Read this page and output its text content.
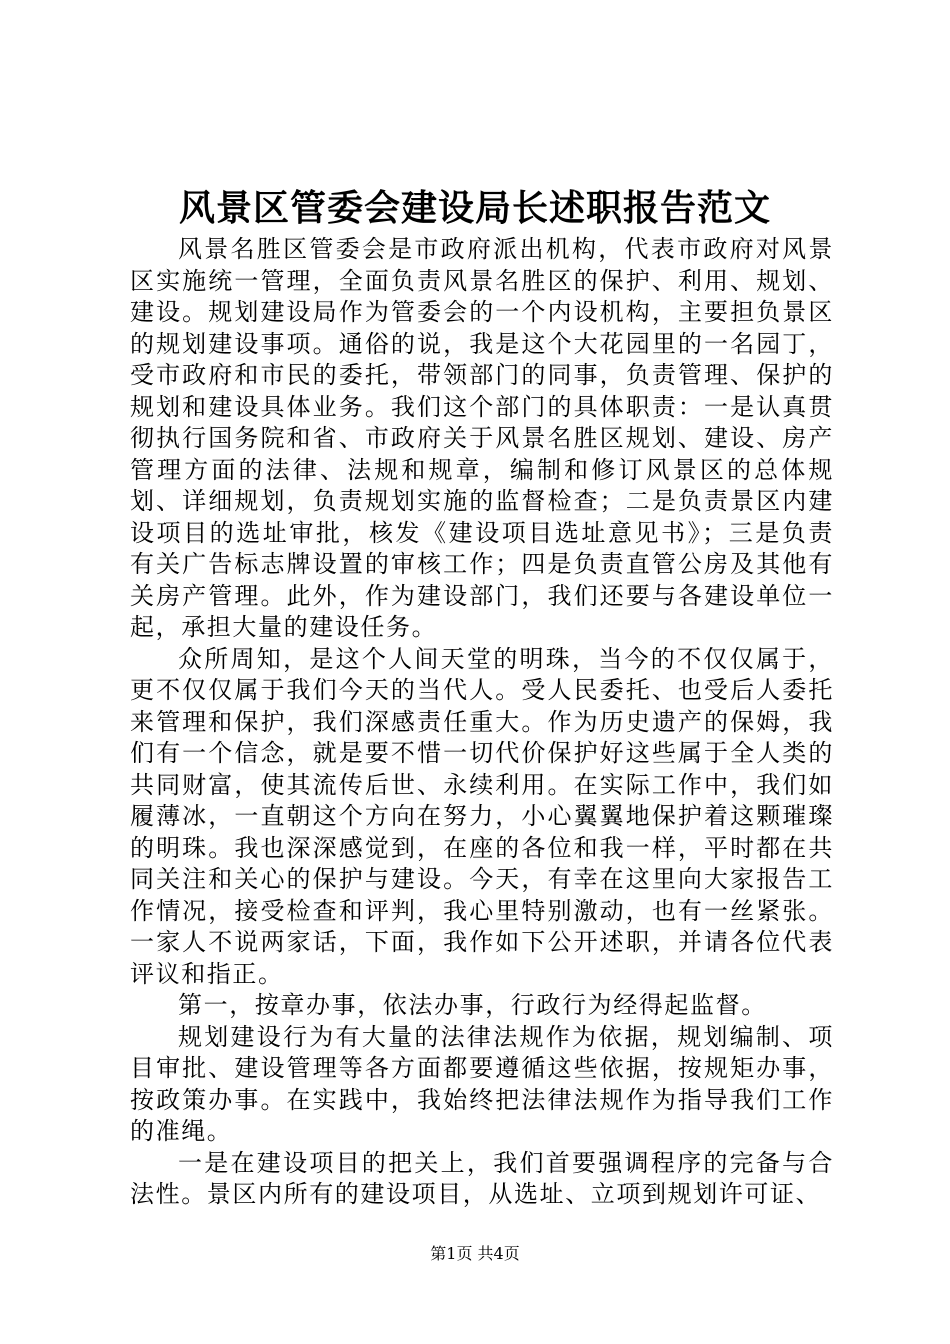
风景区管委会建设局长述职报告范文

风景名胜区管委会是市政府派出机构，代表市政府对风景区实施统一管理，全面负责风景名胜区的保护、利用、规划、建设。规划建设局作为管委会的一个内设机构，主要担负景区的规划建设事项。通俗的说，我是这个大花园里的一名园丁，受市政府和市民的委托，带领部门的同事，负责管理、保护的规划和建设具体业务。我们这个部门的具体职责：一是认真贯彻执行国务院和省、市政府关于风景名胜区规划、建设、房产管理方面的法律、法规和规章，编制和修订风景区的总体规划、详细规划，负责规划实施的监督检查；二是负责景区内建设项目的选址审批，核发《建设项目选址意见书》；三是负责有关广告标志牌设置的审核工作；四是负责直管公房及其他有关房产管理。此外，作为建设部门，我们还要与各建设单位一起，承担大量的建设任务。

众所周知，是这个人间天堂的明珠，当今的不仅仅属于，更不仅仅属于我们今天的当代人。受人民委托、也受后人委托来管理和保护，我们深感责任重大。作为历史遗产的保姆，我们有一个信念，就是要不惜一切代价保护好这些属于全人类的共同财富，使其流传后世、永续利用。在实际工作中，我们如履薄冰，一直朝这个方向在努力，小心翼翼地保护着这颗璀璨的明珠。我也深深感觉到，在座的各位和我一样，平时都在共同关注和关心的保护与建设。今天，有幸在这里向大家报告工作情况，接受检查和评判，我心里特别激动，也有一丝紧张。一家人不说两家话，下面，我作如下公开述职，并请各位代表评议和指正。

第一，按章办事，依法办事，行政行为经得起监督。

规划建设行为有大量的法律法规作为依据，规划编制、项目审批、建设管理等各方面都要遵循这些依据，按规矩办事，按政策办事。在实践中，我始终把法律法规作为指导我们工作的准绳。

一是在建设项目的把关上，我们首要强调程序的完备与合法性。景区内所有的建设项目，从选址、立项到规划许可证、

第1页 共4页
